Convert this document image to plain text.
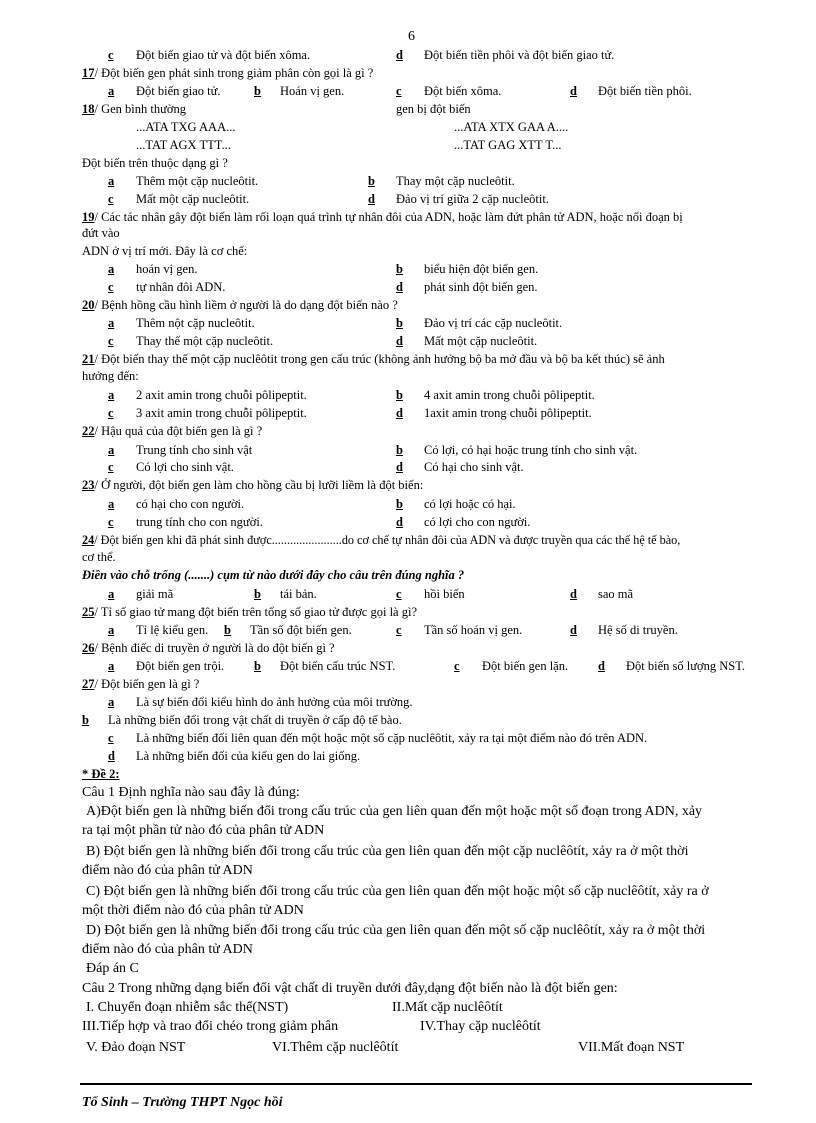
6
c Đột biến giao tử và đột biến xôma.	d Đột biến tiền phôi và đột biến giao tử.
17/ Đột biến gen phát sinh trong giảm phân còn gọi là gì ?
a Đột biến giao tử.	b Hoán vị gen.	c Đột biến xôma.	d Đột biến tiền phôi.
18/ Gen bình thường	gen bị đột biến
...ATA TXG AAA...	...ATA XTX GAA A....
...TAT AGX TTT...	...TAT GAG XTT T...
Đột biến trên thuộc dạng gì ?
a Thêm một cặp nucleôtit.	b Thay một cặp nucleôtit.
c Mất một cặp nucleôtit.	d Đảo vị trí giữa 2 cặp nucleôtit.
19/ Các tác nhân gây đột biến làm rối loạn quá trình tự nhân đôi của ADN, hoặc làm đứt phân tử ADN, hoặc nối đoạn bị
đứt vào
ADN ở vị trí mới. Đây là cơ chế:
a hoán vị gen.	b biểu hiện đột biến gen.
c tự nhân đôi ADN.	d phát sinh đột biến gen.
20/ Bệnh hồng cầu hình liềm ở người là do dạng đột biến nào ?
a Thêm nột cặp nucleôtit.	b Đảo vị trí các cặp nucleôtit.
c Thay thế một cặp nucleôtit.	d Mất một cặp nucleôtit.
21/ Đột biến thay thế một cặp nuclêôtit trong gen cấu trúc (không ảnh hưởng bộ ba mở đầu và bộ ba kết thúc) sẽ ảnh
hưởng đến:
a 2 axit amin trong chuỗi pôlipeptit.	b 4 axit amin trong chuỗi pôlipeptit.
c 3 axit amin trong chuỗi pôlipeptit.	d 1axit amin trong chuỗi pôlipeptit.
22/ Hậu quả của đột biến gen là gì ?
a Trung tính cho sinh vật	b Có lợi, có hại hoặc trung tính cho sinh vật.
c Có lợi cho sinh vật.	d Có hại cho sinh vật.
23/ Ở người, đột biến gen làm cho hồng cầu bị lưỡi liềm là đột biến:
a có hại cho con người.	b có lợi hoặc có hại.
c trung tính cho con người.	d có lợi cho con người.
24/ Đột biến gen khi đã phát sinh được.......................do cơ chế tự nhân đôi của ADN và được truyền qua các thế hệ tế bào,
cơ thể.
Điền vào chỗ trống (.......) cụm từ nào dưới đây cho câu trên đúng nghĩa ?
a giải mã	b tái bản.	c hồi biến	d sao mã
25/ Tỉ số giao tử mang đột biến trên tổng số giao tử được gọi là gì?
a Tỉ lệ kiểu gen. b Tần số đột biến gen.	c Tần số hoán vị gen.	d Hệ số di truyền.
26/ Bệnh điếc di truyền ở người là do đột biến gì ?
a Đột biến gen trội. b Đột biến cấu trúc NST.	c Đột biến gen lặn. d Đột biến số lượng NST.
27/ Đột biến gen là gì ?
a Là sự biến đổi kiểu hình do ảnh hưởng của môi trường.
b Là những biến đổi trong vật chất di truyền ở cấp độ tế bào.
c Là những biến đổi liên quan đến một hoặc một số cặp nuclêôtit, xảy ra tại một điểm nào đó trên ADN.
d Là những biến đổi của kiểu gen do lai giống.
* Đề 2:
Câu 1 Định nghĩa nào sau đây là đúng:
A)Đột biến gen là những biến đổi trong cấu trúc của gen liên quan đến một hoặc một số đoạn trong ADN, xảy
ra tại một phần tử nào đó của phân tử ADN
B) Đột biến gen là những biến đổi trong cấu trúc của gen liên quan đến một cặp nuclêôtít, xảy ra ở một thời
điểm nào đó của phân tử ADN
C) Đột biến gen là những biến đổi trong cấu trúc của gen liên quan đến một hoặc một số cặp nuclêôtít, xảy ra ở
một thời điểm nào đó của phân tử ADN
D) Đột biến gen là những biến đổi trong cấu trúc của gen liên quan đến một số cặp nuclêôtít, xảy ra ở một thời
điểm nào đó của phân tử ADN
Đáp án C
Câu 2 Trong những dạng biến đổi vật chất di truyền dưới đây,dạng đột biến nào là đột biến gen:
I. Chuyển đoạn nhiễm sắc thể(NST)	II.Mất cặp nuclêôtít
III.Tiếp hợp và trao đổi chéo trong giảm phân	IV.Thay cặp nuclêôtít
V. Đảo đoạn NST	VI.Thêm cặp nuclêôtít	VII.Mất đoạn NST
Tổ Sinh – Trường THPT Ngọc hồi
